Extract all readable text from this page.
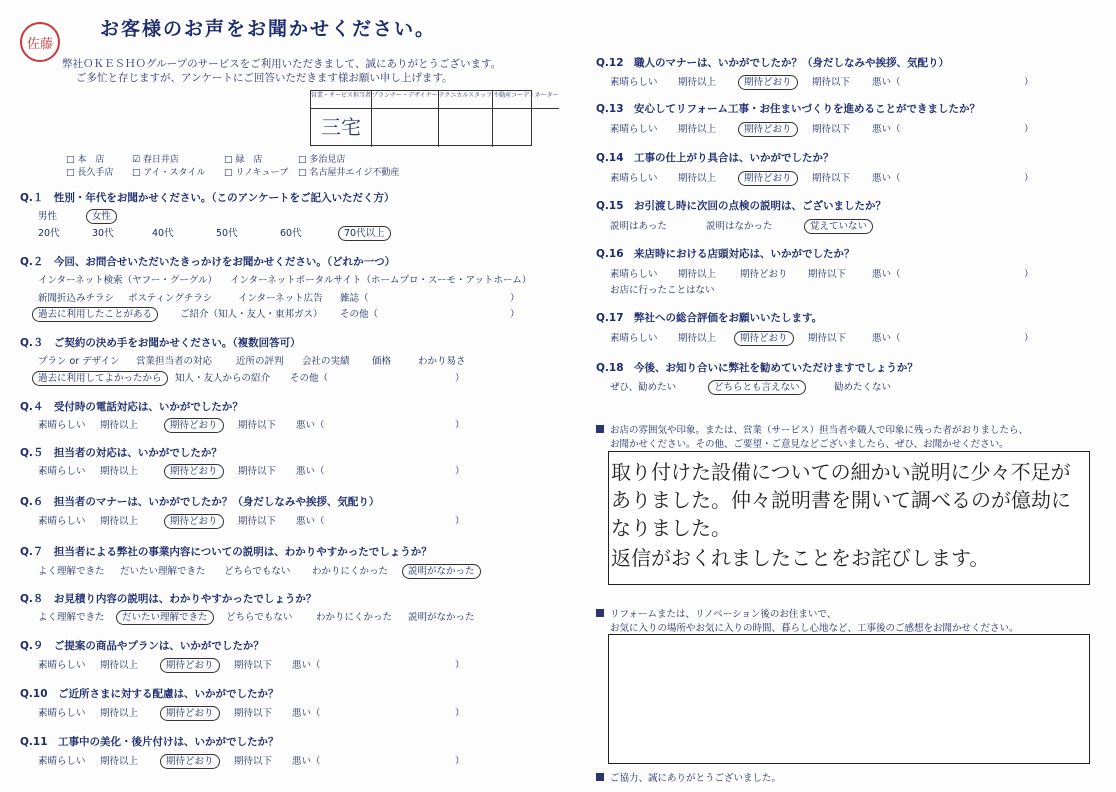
佐藤
お客様のお声をお聞かせください。
弊社ＯＫＥＳＨＯグループのサービスをご利用いただきまして、誠にありがとうございます。
ご多忙と存じますが、アンケートにご回答いただきます様お願い申し上げます。
営業・サービス担当者 プランナー・デザイナー テクニカルスタッフ 不動産コーディネーター
三宅
□ 本　店	☑ 春日井店	□ 緑　店	□ 多治見店
□ 長久手店 □ アイ・スタイル □ リノキューブ □ 名古屋井エイジ不動産
Q.１　性別・年代をお聞かせください。（このアンケートをご記入いただく方）
男性	女性
20代	30代	40代	50代	60代	70代以上
Q.２　今回、お問合せいただいたきっかけをお聞かせください。（どれか一つ）
インターネット検索（ヤフー・グーグル） インターネットポータルサイト（ホームプロ・スーモ・アットホーム）
新聞折込みチラシ ポスティングチラシ	インターネット広告 雑誌（	）
過去に利用したことがある	ご紹介（知人・友人・東邦ガス） その他（	）
Q.３　ご契約の決め手をお聞かせください。（複数回答可）
プラン or デザイン 営業担当者の対応	近所の評判 会社の実績 価格	わかり易さ
過去に利用してよかったから 知人・友人からの紹介 その他（	）
Q.４　受付時の電話対応は、いかがでしたか？
素晴らしい 期待以上	期待どおり 期待以下 悪い（	）
Q.５　担当者の対応は、いかがでしたか？
素晴らしい 期待以上	期待どおり 期待以下 悪い（	）
Q.６　担当者のマナーは、いかがでしたか？（身だしなみや挨拶、気配り）
素晴らしい 期待以上	期待どおり 期待以下 悪い（	）
Q.７　担当者による弊社の事業内容についての説明は、わかりやすかったでしょうか？
よく理解できた だいたい理解できた どちらでもない わかりにくかった 説明がなかった
Q.８　お見積り内容の説明は、わかりやすかったでしょうか？
よく理解できた だいたい理解できた どちらでもない わかりにくかった 説明がなかった
Q.９　ご提案の商品やプランは、いかがでしたか？
素晴らしい 期待以上	期待どおり 期待以下 悪い（	）
Q.10　ご近所さまに対する配慮は、いかがでしたか？
素晴らしい 期待以上	期待どおり 期待以下 悪い（	）
Q.11　工事中の美化・後片付けは、いかがでしたか？
素晴らしい 期待以上	期待どおり 期待以下 悪い（	）
Q.12　職人のマナーは、いかがでしたか？（身だしなみや挨拶、気配り）
素晴らしい 期待以上	期待どおり 期待以下 悪い（	）
Q.13　安心してリフォーム工事・お住まいづくりを進めることができましたか？
素晴らしい 期待以上	期待どおり 期待以下 悪い（	）
Q.14　工事の仕上がり具合は、いかがでしたか？
素晴らしい 期待以上	期待どおり 期待以下 悪い（	）
Q.15　お引渡し時に次回の点検の説明は、ございましたか？
説明はあった	説明はなかった	覚えていない
Q.16　来店時における店頭対応は、いかがでしたか？
素晴らしい 期待以上	期待どおり 期待以下	悪い（	）
お店に行ったことはない
Q.17　弊社への総合評価をお願いいたします。
素晴らしい 期待以上	期待どおり 期待以下	悪い（	）
Q.18　今後、お知り合いに弊社を勧めていただけますでしょうか？
ぜひ、勧めたい	どちらとも言えない	勧めたくない
お店の雰囲気や印象。または、営業（サービス）担当者や職人で印象に残った者がおりましたら、
お聞かせください。その他、ご要望・ご意見などございましたら、ぜひ、お聞かせください。
取り付けた設備についての細かい説明に少々不足が
ありました。仲々説明書を開いて調べるのが億劫に
なりました。
返信がおくれましたことをお詫びします。
リフォームまたは、リノベーション後のお住まいで、
お気に入りの場所やお気に入りの時間、暮らし心地など、工事後のご感想をお聞かせください。
ご協力、誠にありがとうございました。
